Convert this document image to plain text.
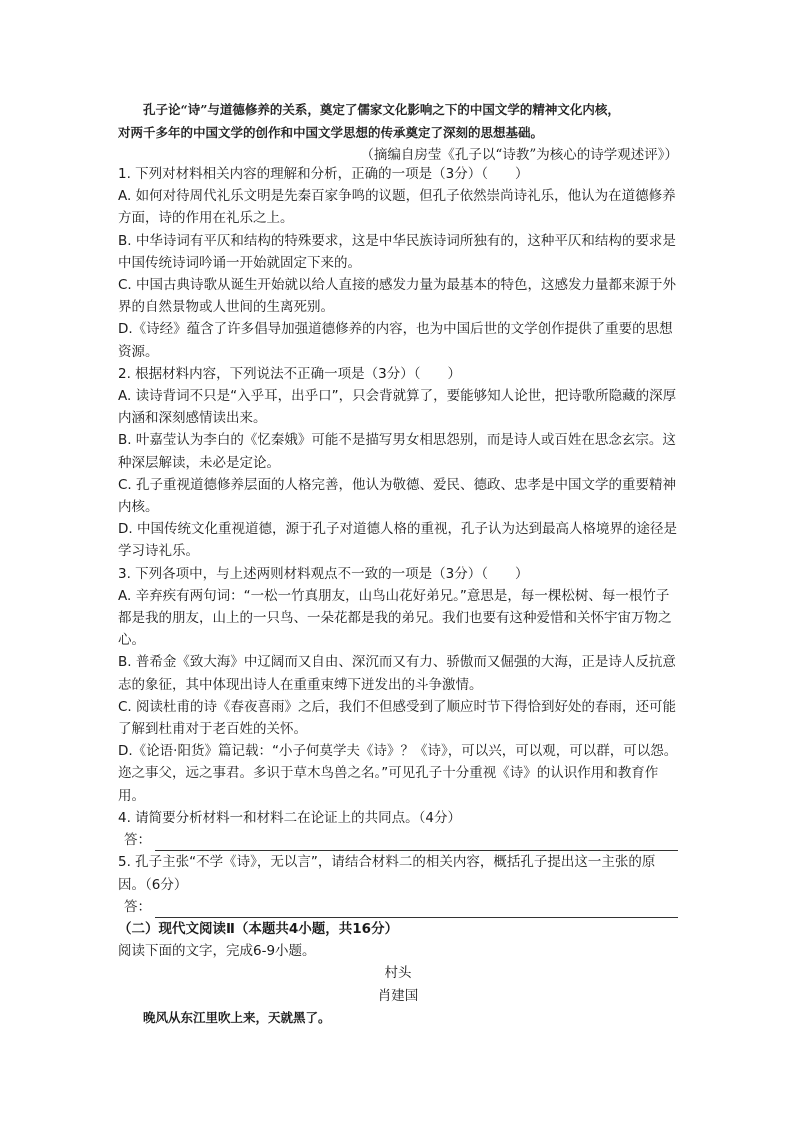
孔子论“诗”与道德修养的关系，奠定了儒家文化影响之下的中国文学的精神文化内核，

对两千多年的中国文学的创作和中国文学思想的传承奠定了深刻的思想基础。

（摘编自房莹《孔子以“诗教”为核心的诗学观述评》）

1. 下列对材料相关内容的理解和分析，正确的一项是（3分）（　　）

A. 如何对待周代礼乐文明是先秦百家争鸣的议题，但孔子依然崇尚诗礼乐，他认为在道德修养方面，诗的作用在礼乐之上。

B. 中华诗词有平仄和结构的特殊要求，这是中华民族诗词所独有的，这种平仄和结构的要求是中国传统诗词吟诵一开始就固定下来的。

C. 中国古典诗歌从诞生开始就以给人直接的感发力量为最基本的特色，这感发力量都来源于外界的自然景物或人世间的生离死别。

D.《诗经》蕴含了许多倡导加强道德修养的内容，也为中国后世的文学创作提供了重要的思想资源。

2. 根据材料内容，下列说法不正确一项是（3分）（　　）

A. 读诗背词不只是“入乎耳，出乎口”，只会背就算了，要能够知人论世，把诗歌所隐藏的深厚内涵和深刻感情读出来。

B. 叶嘉莹认为李白的《忆秦娥》可能不是描写男女相思怨别，而是诗人或百姓在思念玄宗。这种深层解读，未必是定论。

C. 孔子重视道德修养层面的人格完善，他认为敬德、爱民、德政、忠孝是中国文学的重要精神内核。

D. 中国传统文化重视道德，源于孔子对道德人格的重视，孔子认为达到最高人格境界的途径是学习诗礼乐。

3. 下列各项中，与上述两则材料观点不一致的一项是（3分）（　　）

A. 辛弃疾有两句词：“一松一竹真朋友，山鸟山花好弟兄。”意思是，每一棵松树、每一根竹子都是我的朋友，山上的一只鸟、一朵花都是我的弟兄。我们也要有这种爱惜和关怀宇宙万物之心。

B. 普希金《致大海》中辽阔而又自由、深沉而又有力、骄傲而又倔强的大海，正是诗人反抗意志的象征，其中体现出诗人在重重束缚下迸发出的斗争激情。

C. 阅读杜甫的诗《春夜喜雨》之后，我们不但感受到了顺应时节下得恰到好处的春雨，还可能了解到杜甫对于老百姓的关怀。

D.《论语·阳货》篇记载：“小子何莫学夫《诗》？《诗》，可以兴，可以观，可以群，可以怨。迩之事父，远之事君。多识于草木鸟兽之名。”可见孔子十分重视《诗》的认识作用和教育作用。

4. 请简要分析材料一和材料二在论证上的共同点。（4分）

答：

5. 孔子主张“不学《诗》，无以言”，请结合材料二的相关内容，概括孔子提出这一主张的原因。（6分）

答：

（二）现代文阅读Ⅱ（本题共4小题，共16分）

阅读下面的文字，完成6-9小题。

村头

肖建国

晚风从东江里吹上来，天就黑了。
